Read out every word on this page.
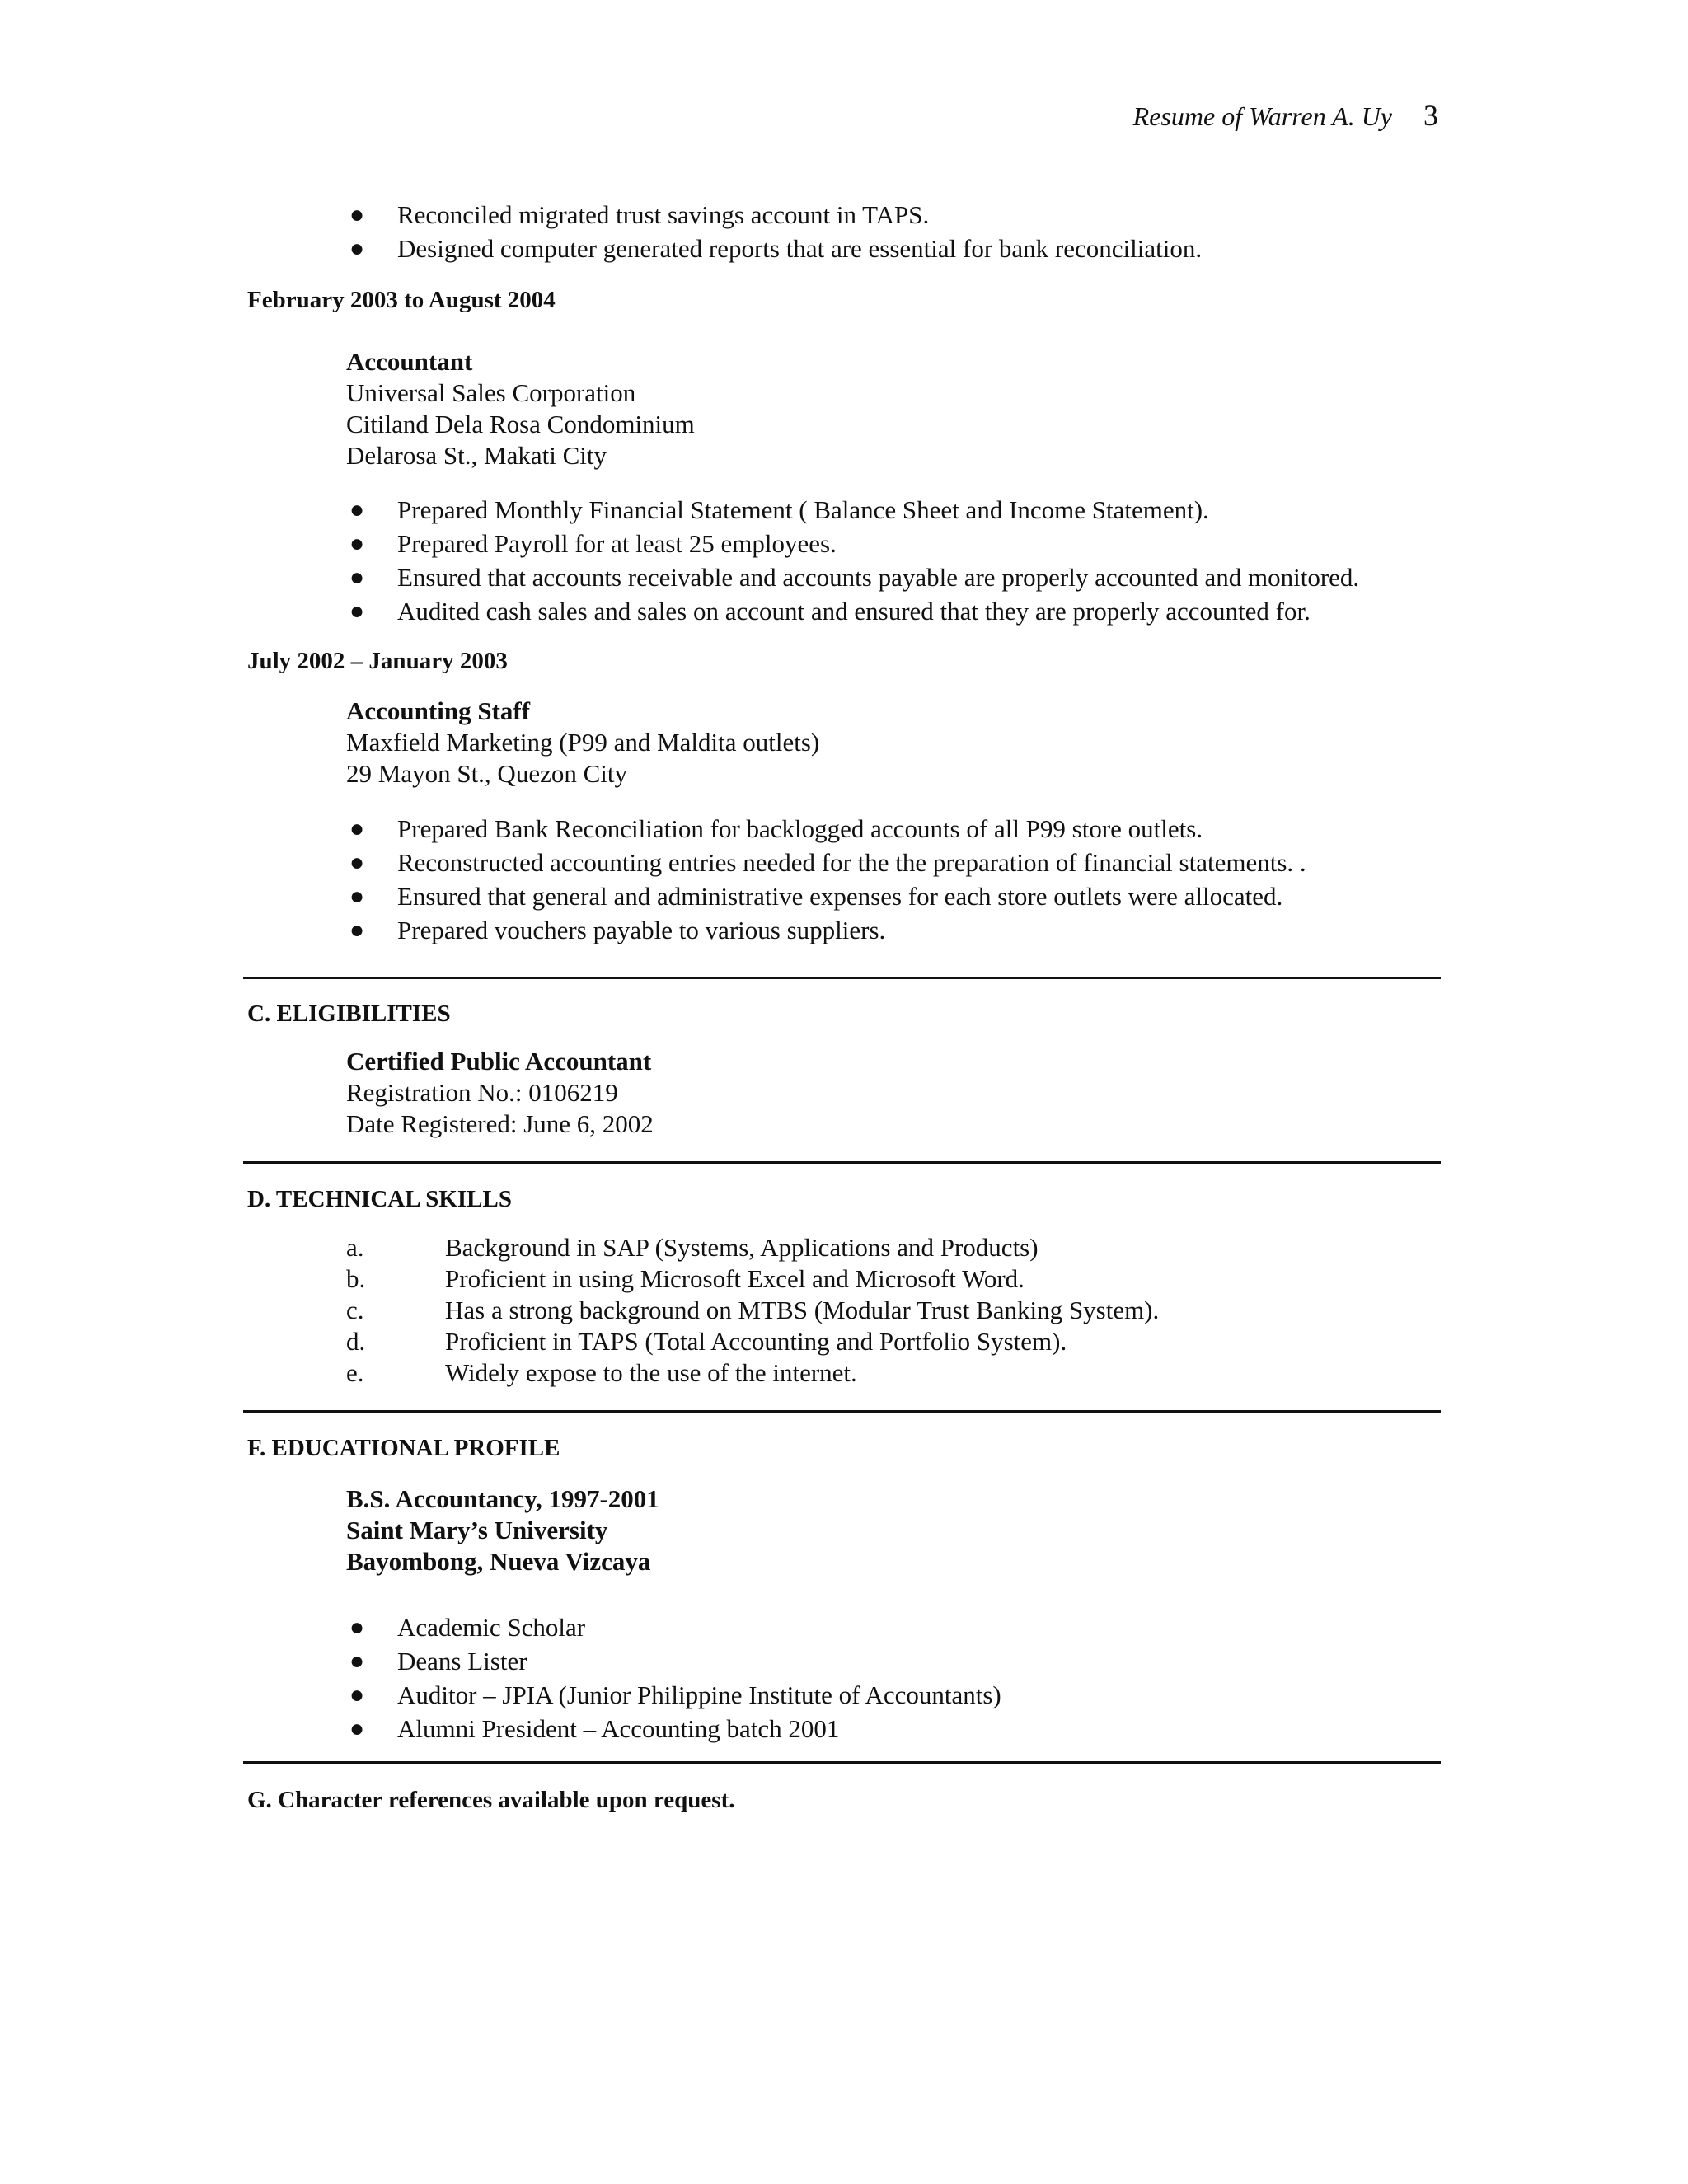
Resume of Warren A. Uy 3
● Reconciled migrated trust savings account in TAPS.
● Designed computer generated reports that are essential for bank reconciliation.
February 2003 to August 2004
Accountant
Universal Sales Corporation
Citiland Dela Rosa Condominium
Delarosa St., Makati City
● Prepared Monthly Financial Statement ( Balance Sheet and Income Statement).
● Prepared Payroll for at least 25 employees.
● Ensured that accounts receivable and accounts payable are properly accounted and monitored.
● Audited cash sales and sales on account and ensured that they are properly accounted for.
July 2002 – January 2003
Accounting Staff
Maxfield Marketing (P99 and Maldita outlets)
29 Mayon St., Quezon City
● Prepared Bank Reconciliation for backlogged accounts of all P99 store outlets.
● Reconstructed accounting entries needed for the the preparation of financial statements. .
● Ensured that general and administrative expenses for each store outlets were allocated.
● Prepared vouchers payable to various suppliers.
C. ELIGIBILITIES
Certified Public Accountant
Registration No.: 0106219
Date Registered: June 6, 2002
D. TECHNICAL SKILLS
a.	Background in SAP (Systems, Applications and Products)
b.	Proficient in using Microsoft Excel and Microsoft Word.
c.	Has a strong background on MTBS (Modular Trust Banking System).
d.	Proficient in TAPS (Total Accounting and Portfolio System).
e.	Widely expose to the use of the internet.
F. EDUCATIONAL PROFILE
B.S. Accountancy, 1997-2001
Saint Mary’s University
Bayombong, Nueva Vizcaya
● Academic Scholar
● Deans Lister
● Auditor – JPIA (Junior Philippine Institute of Accountants)
● Alumni President – Accounting batch 2001
G. Character references available upon request.
